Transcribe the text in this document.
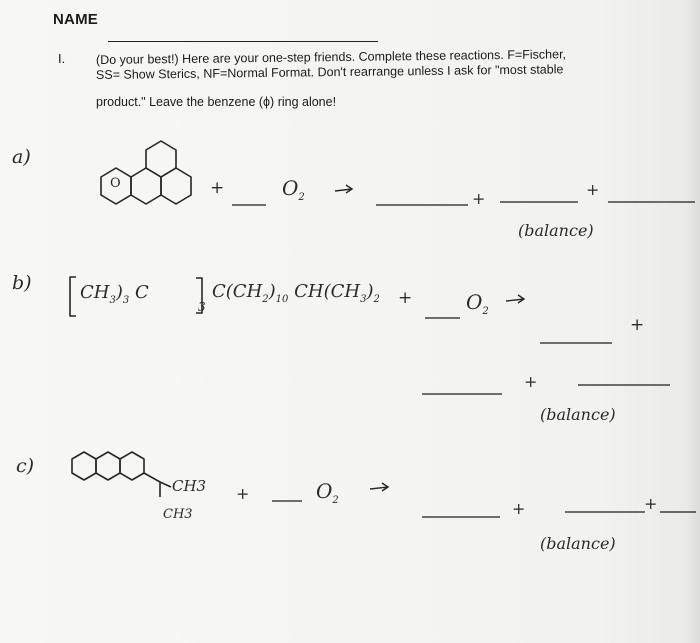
NAME
I. (Do your best!) Here are your one-step friends. Complete these reactions. F=Fischer,
SS= Show Sterics, NF=Normal Format. Don't rearrange unless I ask for "most stable
product." Leave the benzene (ϕ) ring alone!
a)
O	+	$O_2$	+	+
(balance)
b)	$CH_3)_3$ C
3
$C(CH_2)_{10}$ $CH(CH_3)_2$ +	$O_2$
+
+
(balance)
c)
CH3
CH3
+	$O_2$	+	+
(balance)
